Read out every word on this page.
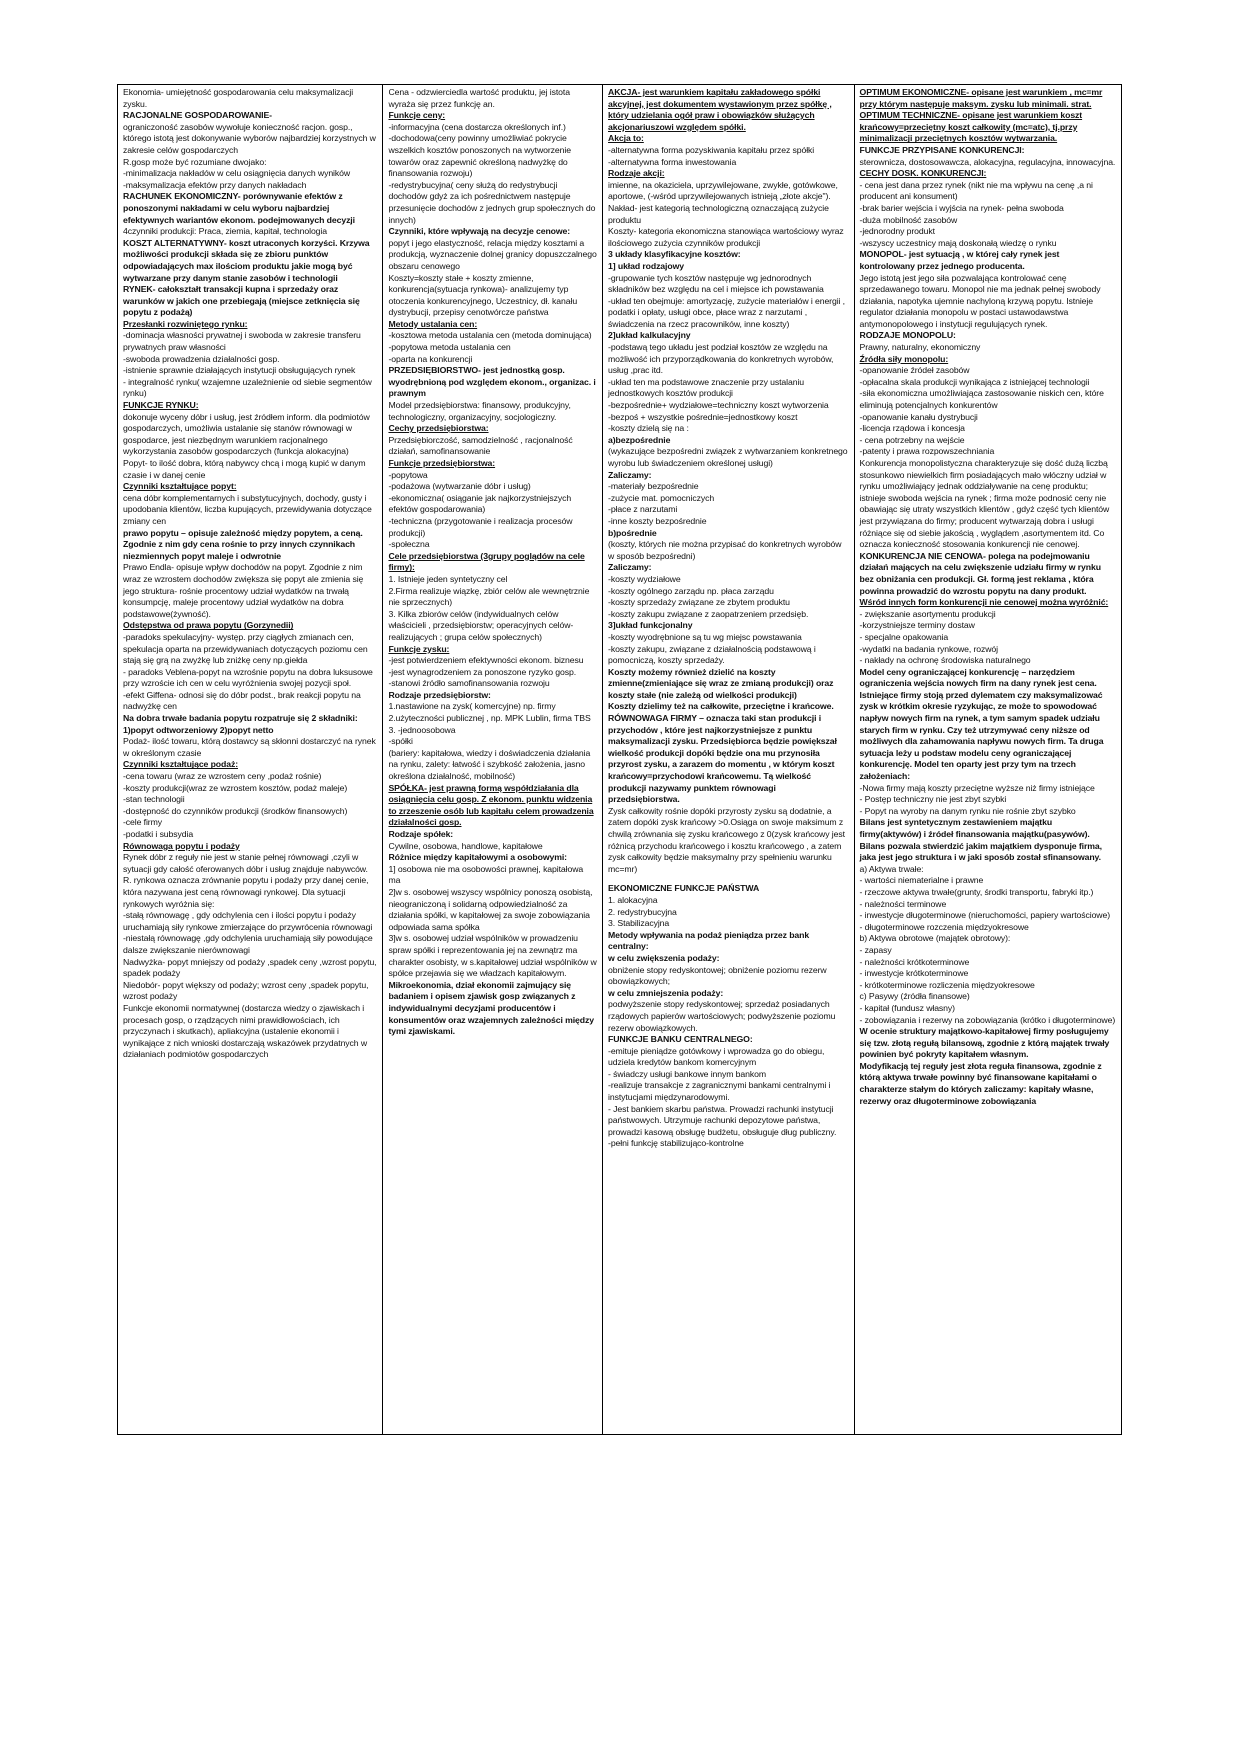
Ekonomia- umiejętność gospodarowania celu maksymalizacji zysku.

RACJONALNE GOSPODAROWANIE-

ograniczoność zasobów wywołuje konieczność racjon. gosp., którego istotą jest dokonywanie wyborów najbardziej korzystnych w zakresie celów gospodarczych

R.gosp może być rozumiane dwojako:

-minimalizacja nakładów w celu osiągnięcia danych wyników

-maksymalizacja efektów przy danych nakładach

RACHUNEK EKONOMICZNY- porównywanie efektów z ponoszonymi nakładami w celu wyboru najbardziej efektywnych wariantów ekonom. podejmowanych decyzji

4czynniki produkcji: Praca, ziemia, kapitał, technologia

KOSZT ALTERNATYWNY- koszt utraconych korzyści. Krzywa możliwości produkcji składa się ze zbioru punktów odpowiadających max ilościom produktu jakie mogą być wytwarzane przy danym stanie zasobów i technologii

RYNEK- całokształt transakcji kupna i sprzedaży oraz warunków w jakich one przebiegają (miejsce zetknięcia się popytu z podażą)

Przesłanki rozwiniętego rynku:

-dominacja własności prywatnej i swoboda w zakresie transferu prywatnych praw własności

-swoboda prowadzenia działalności gosp.

-istnienie sprawnie działających instytucji obsługujących rynek

- integralność rynku( wzajemne uzależnienie od siebie segmentów rynku)

FUNKCJE RYNKU:

dokonuje wyceny dóbr i usług, jest źródłem inform. dla podmiotów gospodarczych, umożliwia ustalanie się stanów równowagi w gospodarce, jest niezbędnym warunkiem racjonalnego wykorzystania zasobów gospodarczych (funkcja alokacyjna)

Popyt- to ilość dobra, którą nabywcy chcą i mogą kupić w danym czasie i w danej cenie

Czynniki kształtujące popyt:

cena dóbr komplementarnych i substytucyjnych, dochody, gusty i upodobania klientów, liczba kupujących, przewidywania dotyczące zmiany cen

prawo popytu – opisuje zależność między popytem, a ceną. Zgodnie z nim gdy cena rośnie to przy innych czynnikach niezmiennych popyt maleje i odwrotnie

Prawo Endla- opisuje wpływ dochodów na popyt. Zgodnie z nim wraz ze wzrostem dochodów zwiększa się popyt ale zmienia się jego struktura- rośnie procentowy udział wydatków na trwałą konsumpcję, maleje procentowy udział wydatków na dobra podstawowe(żywność).

Odstępstwa od prawa popytu (Gorzynedii)

-paradoks spekulacyjny- występ. przy ciągłych zmianach cen, spekulacja oparta na przewidywaniach dotyczących poziomu cen stają się grą na zwyżkę lub zniżkę ceny np.giełda

- paradoks Veblena-popyt na wzrośnie popytu na dobra luksusowe przy wzroście ich cen w celu wyróżnienia swojej pozycji społ.

-efekt Giffena- odnosi się do dóbr podst., brak reakcji popytu na nadwyżkę cen

Na dobra trwałe badania popytu rozpatruje się 2 składniki: 1)popyt odtworzeniowy 2)popyt netto

Podaż- ilość towaru, którą dostawcy są skłonni dostarczyć na rynek w określonym czasie

Czynniki kształtujące podaż:

-cena towaru (wraz ze wzrostem ceny ,podaż rośnie)

-koszty produkcji(wraz ze wzrostem kosztów, podaż maleje)

-stan technologii

-dostępność do czynników produkcji (środków finansowych)

-cele firmy

-podatki i subsydia

Równowaga popytu i podaży

Rynek dóbr z reguły nie jest w stanie pełnej równowagi ,czyli w sytuacji gdy całość oferowanych dóbr i usług znajduje nabywców. R. rynkowa oznacza zrównanie popytu i podaży przy danej cenie, która nazywana jest ceną równowagi rynkowej. Dla sytuacji rynkowych wyróżnia się:

-stałą równowagę , gdy odchylenia cen i ilości popytu i podaży uruchamiają siły rynkowe zmierzające do przywrócenia równowagi

-niestałą równowagę ,gdy odchylenia uruchamiają siły powodujące dalsze zwiększanie nierównowagi

Nadwyżka- popyt mniejszy od podaży ,spadek ceny ,wzrost popytu, spadek podaży

Niedobór- popyt większy od podaży; wzrost ceny ,spadek popytu, wzrost podaży

Funkcje ekonomii normatywnej (dostarcza wiedzy o zjawiskach i procesach gosp, o rządzących nimi prawidłowościach, ich przyczynach i skutkach), apliakcyjna (ustalenie ekonomii i wynikające z nich wnioski dostarczają wskazówek przydatnych w działaniach podmiotów gospodarczych

Cena - odzwierciedla wartość produktu, jej istota wyraża się przez funkcję an.

Funkcje ceny:

-informacyjna (cena dostarcza określonych inf.)

-dochodowa(ceny powinny umożliwiać pokrycie wszelkich kosztów ponoszonych na wytworzenie towarów oraz zapewnić określoną nadwyżkę do finansowania rozwoju)

-redystrybucyjna( ceny służą do redystrybucji dochodów gdyż za ich pośrednictwem następuje przesunięcie dochodów z jednych grup społecznych do innych)

Czynniki, które wpływają na decyzje cenowe:

popyt i jego elastyczność, relacja między kosztami a produkcją, wyznaczenie dolnej granicy dopuszczalnego obszaru cenowego

Koszty=koszty stałe + koszty zmienne, konkurencja(sytuacja rynkowa)- analizujemy typ otoczenia konkurencyjnego, Uczestnicy, dł. kanału dystrybucji, przepisy cenotwórcze państwa

Metody ustalania cen:

-kosztowa metoda ustalania cen (metoda dominująca)

-popytowa metoda ustalania cen

-oparta na konkurencji

PRZEDSIĘBIORSTWO- jest jednostką gosp. wyodrębnioną pod względem ekonom., organizac. i prawnym

Model przedsiębiorstwa: finansowy, produkcyjny, technologiczny, organizacyjny, socjologiczny.

Cechy przedsiębiorstwa:

Przedsiębiorczość, samodzielność , racjonalność działań, samofinansowanie

Funkcje przedsiębiorstwa:

-popytowa

-podażowa (wytwarzanie dóbr i usług)

-ekonomiczna( osiąganie jak najkorzystniejszych efektów gospodarowania)

-techniczna (przygotowanie i realizacja procesów produkcji)

-społeczna

Cele przedsiębiorstwa (3grupy poglądów na cele firmy):

1. Istnieje jeden syntetyczny cel

2.Firma realizuje wiązkę, zbiór celów ale wewnętrznie nie sprzecznych)

3. Kilka zbiorów celów (indywidualnych celów właścicieli , przedsiębiorstw; operacyjnych celów-realizujących ; grupa celów społecznych)

Funkcje zysku:

-jest potwierdzeniem efektywności ekonom. biznesu

-jest wynagrodzeniem za ponoszone ryzyko gosp.

-stanowi źródło samofinansowania rozwoju

Rodzaje przedsiębiorstw:

1.nastawione na zysk( komercyjne) np. firmy

2.użyteczności publicznej , np. MPK Lublin, firma TBS

3. -jednoosobowa

-spółki

(bariery: kapitałowa, wiedzy i doświadczenia działania na rynku, zalety: łatwość i szybkość założenia, jasno określona działalność, mobilność)

SPÓŁKA- jest prawną formą współdziałania dla osiągnięcia celu gosp. Z ekonom. punktu widzenia to zrzeszenie osób lub kapitału celem prowadzenia działalności gosp.

Rodzaje spółek:

Cywilne, osobowa, handlowe, kapitałowe

Różnice między kapitałowymi a osobowymi:

1] osobowa nie ma osobowości prawnej, kapitałowa ma

2]w s. osobowej wszyscy wspólnicy ponoszą osobistą, nieograniczoną i solidarną odpowiedzialność za działania spółki, w kapitałowej za swoje zobowiązania odpowiada sama spółka

3]w s. osobowej udział wspólników w prowadzeniu spraw spółki i reprezentowania jej na zewnątrz ma charakter osobisty, w s.kapitałowej udział wspólników w spółce przejawia się we władzach kapitałowym.

Mikroekonomia, dział ekonomii zajmujący się badaniem i opisem zjawisk gosp związanych z indywidualnymi decyzjami producentów i konsumentów oraz wzajemnych zależności między tymi zjawiskami.

AKCJA- jest warunkiem kapitału zakładowego spółki akcyjnej, jest dokumentem wystawionym przez spółkę , który udzielania ogół praw i obowiązków służących akcjonariuszowi względem spółki.

Akcja to:

-alternatywna forma pozyskiwania kapitału przez spółki

-alternatywna forma inwestowania

Rodzaje akcji:

imienne, na okaziciela, uprzywilejowane, zwykłe, gotówkowe, aportowe, (-wśród uprzywilejowanych istnieją „złote akcje").

Nakład- jest kategorią technologiczną oznaczającą zużycie produktu

Koszty- kategoria ekonomiczna stanowiąca wartościowy wyraz ilościowego zużycia czynników produkcji

3 układy klasyfikacyjne kosztów:

1] układ rodzajowy

-grupowanie tych kosztów następuje wg jednorodnych składników bez względu na cel i miejsce ich powstawania

-układ ten obejmuje: amortyzację, zużycie materiałów i energii , podatki i opłaty, usługi obce, płace wraz z narzutami , świadczenia na rzecz pracowników, inne koszty)

2]układ kalkulacyjny

-podstawą tego układu jest podział kosztów ze względu na możliwość ich przyporządkowania do konkretnych wyrobów, usług ,prac itd.

-układ ten ma podstawowe znaczenie przy ustalaniu jednostkowych kosztów produkcji

-bezpośrednie+ wydziałowe=techniczny koszt wytworzenia

-bezpoś + wszystkie pośrednie=jednostkowy koszt

-koszty dzielą się na :

a)bezpośrednie

(wykazujące bezpośredni związek z wytwarzaniem konkretnego wyrobu lub świadczeniem określonej usługi)

Zaliczamy:

-materiały bezpośrednie

-zużycie mat. pomocniczych

-płace z narzutami

-inne koszty bezpośrednie

b)pośrednie

(koszty, których nie można przypisać do konkretnych wyrobów w sposób bezpośredni)

Zaliczamy:

-koszty wydziałowe

-koszty ogólnego zarządu np. płaca zarządu

-koszty sprzedaży związane ze zbytem produktu

-koszty zakupu związane z zaopatrzeniem przedsięb.

3]układ funkcjonalny

-koszty wyodrębnione są tu wg miejsc powstawania

-koszty zakupu, związane z działalnością podstawową i pomocniczą, koszty sprzedaży.

Koszty możemy również dzielić na koszty zmienne(zmieniające się wraz ze zmianą produkcji) oraz koszty stałe (nie zależą od wielkości produkcji)

Koszty dzielimy też na całkowite, przeciętne i krańcowe.

RÓWNOWAGA FIRMY – oznacza taki stan produkcji i przychodów , które jest najkorzystniejsze z punktu maksymalizacji zysku. Przedsiębiorca będzie powiększał wielkość produkcji dopóki będzie ona mu przynosiła przyrost zysku, a zarazem do momentu , w którym koszt krańcowy=przychodowi krańcowemu. Tą wielkość produkcji nazywamy punktem równowagi przedsiębiorstwa.

Zysk całkowity rośnie dopóki przyrosty zysku są dodatnie, a zatem dopóki zysk krańcowy >0.Osiąga on swoje maksimum z chwilą zrównania się zysku krańcowego z 0(zysk krańcowy jest różnicą przychodu krańcowego i kosztu krańcowego , a zatem zysk całkowity będzie maksymalny przy spełnieniu warunku mc=mr)

EKONOMICZNE FUNKCJE PAŃSTWA

1. alokacyjna

2. redystrybucyjna

3. Stabilizacyjna

Metody wpływania na podaż pieniądza przez bank centralny:

w celu zwiększenia podaży:

obniżenie stopy redyskontowej; obniżenie poziomu rezerw obowiązkowych;

w celu zmniejszenia podaży:

podwyższenie stopy redyskontowej; sprzedaż posiadanych rządowych papierów wartościowych; podwyższenie poziomu rezerw obowiązkowych.

FUNKCJE BANKU CENTRALNEGO:

-emituje pieniądze gotówkowy i wprowadza go do obiegu, udziela kredytów bankom komercyjnym

- świadczy usługi bankowe innym bankom

-realizuje transakcje z zagranicznymi bankami centralnymi i instytucjami międzynarodowymi.

- Jest bankiem skarbu państwa. Prowadzi rachunki instytucji państwowych. Utrzymuje rachunki depozytowe państwa, prowadzi kasową obsługę budżetu, obsługuje dług publiczny.

-pełni funkcję stabilizująco-kontrolne

OPTIMUM EKONOMICZNE- opisane jest warunkiem , mc=mr przy którym następuje maksym. zysku lub minimali. strat.

OPTIMUM TECHNICZNE- opisane jest warunkiem koszt krańcowy=przeciętny koszt całkowity (mc=atc), tj.przy minimalizacji przeciętnych kosztów wytwarzania.

FUNKCJE PRZYPISANE KONKURENCJI:

sterownicza, dostosowawcza, alokacyjna, regulacyjna, innowacyjna.

CECHY DOSK. KONKURENCJI:

- cena jest dana przez rynek (nikt nie ma wpływu na cenę ,a ni producent ani konsument)

-brak barier wejścia i wyjścia na rynek- pełna swoboda

-duża mobilność zasobów

-jednorodny produkt

-wszyscy uczestnicy mają doskonałą wiedzę o rynku

MONOPOL- jest sytuacją , w której cały rynek jest kontrolowany przez jednego producenta.

Jego istotą jest jego siła pozwalająca kontrolować cenę sprzedawanego towaru. Monopol nie ma jednak pełnej swobody działania, napotyka ujemnie nachyloną krzywą popytu. Istnieje regulator działania monopolu w postaci ustawodawstwa antymonopolowego i instytucji regulujących rynek.

RODZAJE MONOPOLU:

Prawny, naturalny, ekonomiczny

Źródła siły monopolu:

-opanowanie źródeł zasobów

-opłacalna skala produkcji wynikająca z istniejącej technologii

-siła ekonomiczna umożliwiająca zastosowanie niskich cen, które eliminują potencjalnych konkurentów

-opanowanie kanału dystrybucji

-licencja rządowa i koncesja

- cena potrzebny na wejście

-patenty i prawa rozpowszechniania

Konkurencja monopolistyczna charakteryzuje się dość dużą liczbą stosunkowo niewielkich firm posiadających mało włóczny udział w rynku umożliwiający jednak oddziaływanie na cenę produktu; istnieje swoboda wejścia na rynek ; firma może podnosić ceny nie obawiając się utraty wszystkich klientów , gdyż część tych klientów jest przywiązana do firmy; producent wytwarzają dobra i usługi różniące się od siebie jakością , wyglądem ,asortymentem itd. Co oznacza konieczność stosowania konkurencji nie cenowej.

KONKURENCJA NIE CENOWA- polega na podejmowaniu działań mających na celu zwiększenie udziału firmy w rynku bez obniżania cen produkcji. Gł. formą jest reklama , która powinna prowadzić do wzrostu popytu na dany produkt.

Wśród innych form konkurencji nie cenowej można wyróżnić:

- zwiększanie asortymentu produkcji

-korzystniejsze terminy dostaw

- specjalne opakowania

-wydatki na badania rynkowe, rozwój

- nakłady na ochronę środowiska naturalnego

Model ceny ograniczającej konkurencję – narzędziem ograniczenia wejścia nowych firm na dany rynek jest cena. Istniejące firmy stoją przed dylematem czy maksymalizować zysk w krótkim okresie ryzykując, ze może to spowodować napływ nowych firm na rynek, a tym samym spadek udziału starych firm w rynku. Czy też utrzymywać ceny niższe od możliwych dla zahamowania napływu nowych firm. Ta druga sytuacja leży u podstaw modelu ceny ograniczającej konkurencję. Model ten oparty jest przy tym na trzech założeniach:

-Nowa firmy mają koszty przeciętne wyższe niż firmy istniejące

- Postęp techniczny nie jest zbyt szybki

- Popyt na wyroby na danym rynku nie rośnie zbyt szybko

Bilans jest syntetycznym zestawieniem majątku firmy(aktywów) i źródeł finansowania majątku(pasywów). Bilans pozwala stwierdzić jakim majątkiem dysponuje firma, jaka jest jego struktura i w jaki sposób został sfinansowany.

a) Aktywa trwałe:

- wartości niematerialne i prawne

- rzeczowe aktywa trwałe(grunty, środki transportu, fabryki itp.)

- należności terminowe

- inwestycje długoterminowe (nieruchomości, papiery wartościowe)

- długoterminowe rozczenia międzyokresowe

b) Aktywa obrotowe (majątek obrotowy):

- zapasy

- należności krótkoterminowe

- inwestycje krótkoterminowe

- krótkoterminowe rozliczenia międzyokresowe

c) Pasywy (źródła finansowe)

- kapitał (fundusz własny)

- zobowiązania i rezerwy na zobowiązania (krótko i długoterminowe)

W ocenie struktury majątkowo-kapitałowej firmy posługujemy się tzw. złotą regułą bilansową, zgodnie z którą majątek trwały powinien być pokryty kapitałem własnym.

Modyfikacją tej reguły jest złota reguła finansowa, zgodnie z którą aktywa trwałe powinny być finansowane kapitałami o charakterze stałym do których zaliczamy: kapitały własne, rezerwy oraz długoterminowe zobowiązania
